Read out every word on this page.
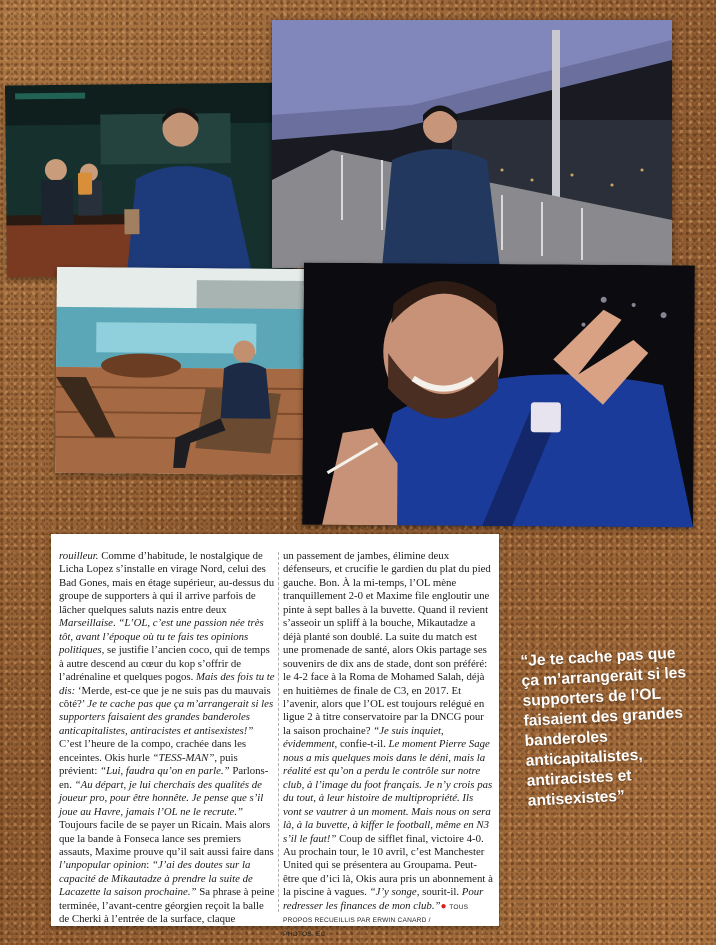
rouilleur. Comme d’habitude, le nostalgique de Licha Lopez s’installe en virage Nord, celui des Bad Gones, mais en étage supérieur, au-dessus du groupe de supporters à qui il arrive parfois de lâcher quelques saluts nazis entre deux Marseillaise. “L’OL, c’est une passion née très tôt, avant l’époque où tu te fais tes opinions politiques, se justifie l’ancien coco, qui de temps à autre descend au cœur du kop s’offrir de l’adrénaline et quelques pogos. Mais des fois tu te dis: ‘Merde, est-ce que je ne suis pas du mauvais côté?’ Je te cache pas que ça m’arrangerait si les supporters faisaient des grandes banderoles anticapitalistes, antiracistes et antisexistes!” C’est l’heure de la compo, crachée dans les enceintes. Okis hurle “TESS-MAN”, puis prévient: “Lui, faudra qu’on en parle.” Parlons-en. “Au départ, je lui cherchais des qualités de joueur pro, pour être honnête. Je pense que s’il joue au Havre, jamais l’OL ne le recrute.” Toujours facile de se payer un Ricain. Mais alors que la bande à Fonseca lance ses premiers assauts, Maxime prouve qu’il sait aussi faire dans l’unpopular opinion: “J’ai des doutes sur la capacité de Mikautadze à prendre la suite de Lacazette la saison prochaine.” Sa phrase à peine terminée, l’avant-centre géorgien reçoit la balle de Cherki à l’entrée de la surface, claque

un passement de jambes, élimine deux défenseurs, et crucifie le gardien du plat du pied gauche. Bon. À la mi-temps, l’OL mène tranquillement 2-0 et Maxime file engloutir une pinte à sept balles à la buvette. Quand il revient s’asseoir un spliff à la bouche, Mikautadze a déjà planté son doublé. La suite du match est une promenade de santé, alors Okis partage ses souvenirs de dix ans de stade, dont son préféré: le 4-2 face à la Roma de Mohamed Salah, déjà en huitièmes de finale de C3, en 2017. Et l’avenir, alors que l’OL est toujours relégué en ligue 2 à titre conservatoire par la DNCG pour la saison prochaine? “Je suis inquiet, évidemment, confie-t-il. Le moment Pierre Sage nous a mis quelques mois dans le déni, mais la réalité est qu’on a perdu le contrôle sur notre club, à l’image du foot français. Je n’y crois pas du tout, à leur histoire de multipropriété. Ils vont se vautrer à un moment. Mais nous on sera là, à la buvette, à kiffer le football, même en N3 s’il le faut!” Coup de sifflet final, victoire 4-0. Au prochain tour, le 10 avril, c’est Manchester United qui se présentera au Groupama. Peut-être que d’ici là, Okis aura pris un abonnement à la piscine à vagues. “J’y songe, sourit-il. Pour redresser les finances de mon club.”● TOUS PROPOS RECUEILLIS PAR ERWIN CANARD /
PHOTOS: EC

“Je te cache pas que ça m’arrangerait si les supporters de l’OL faisaient des grandes banderoles anticapitalistes, antiracistes et antisexistes”
